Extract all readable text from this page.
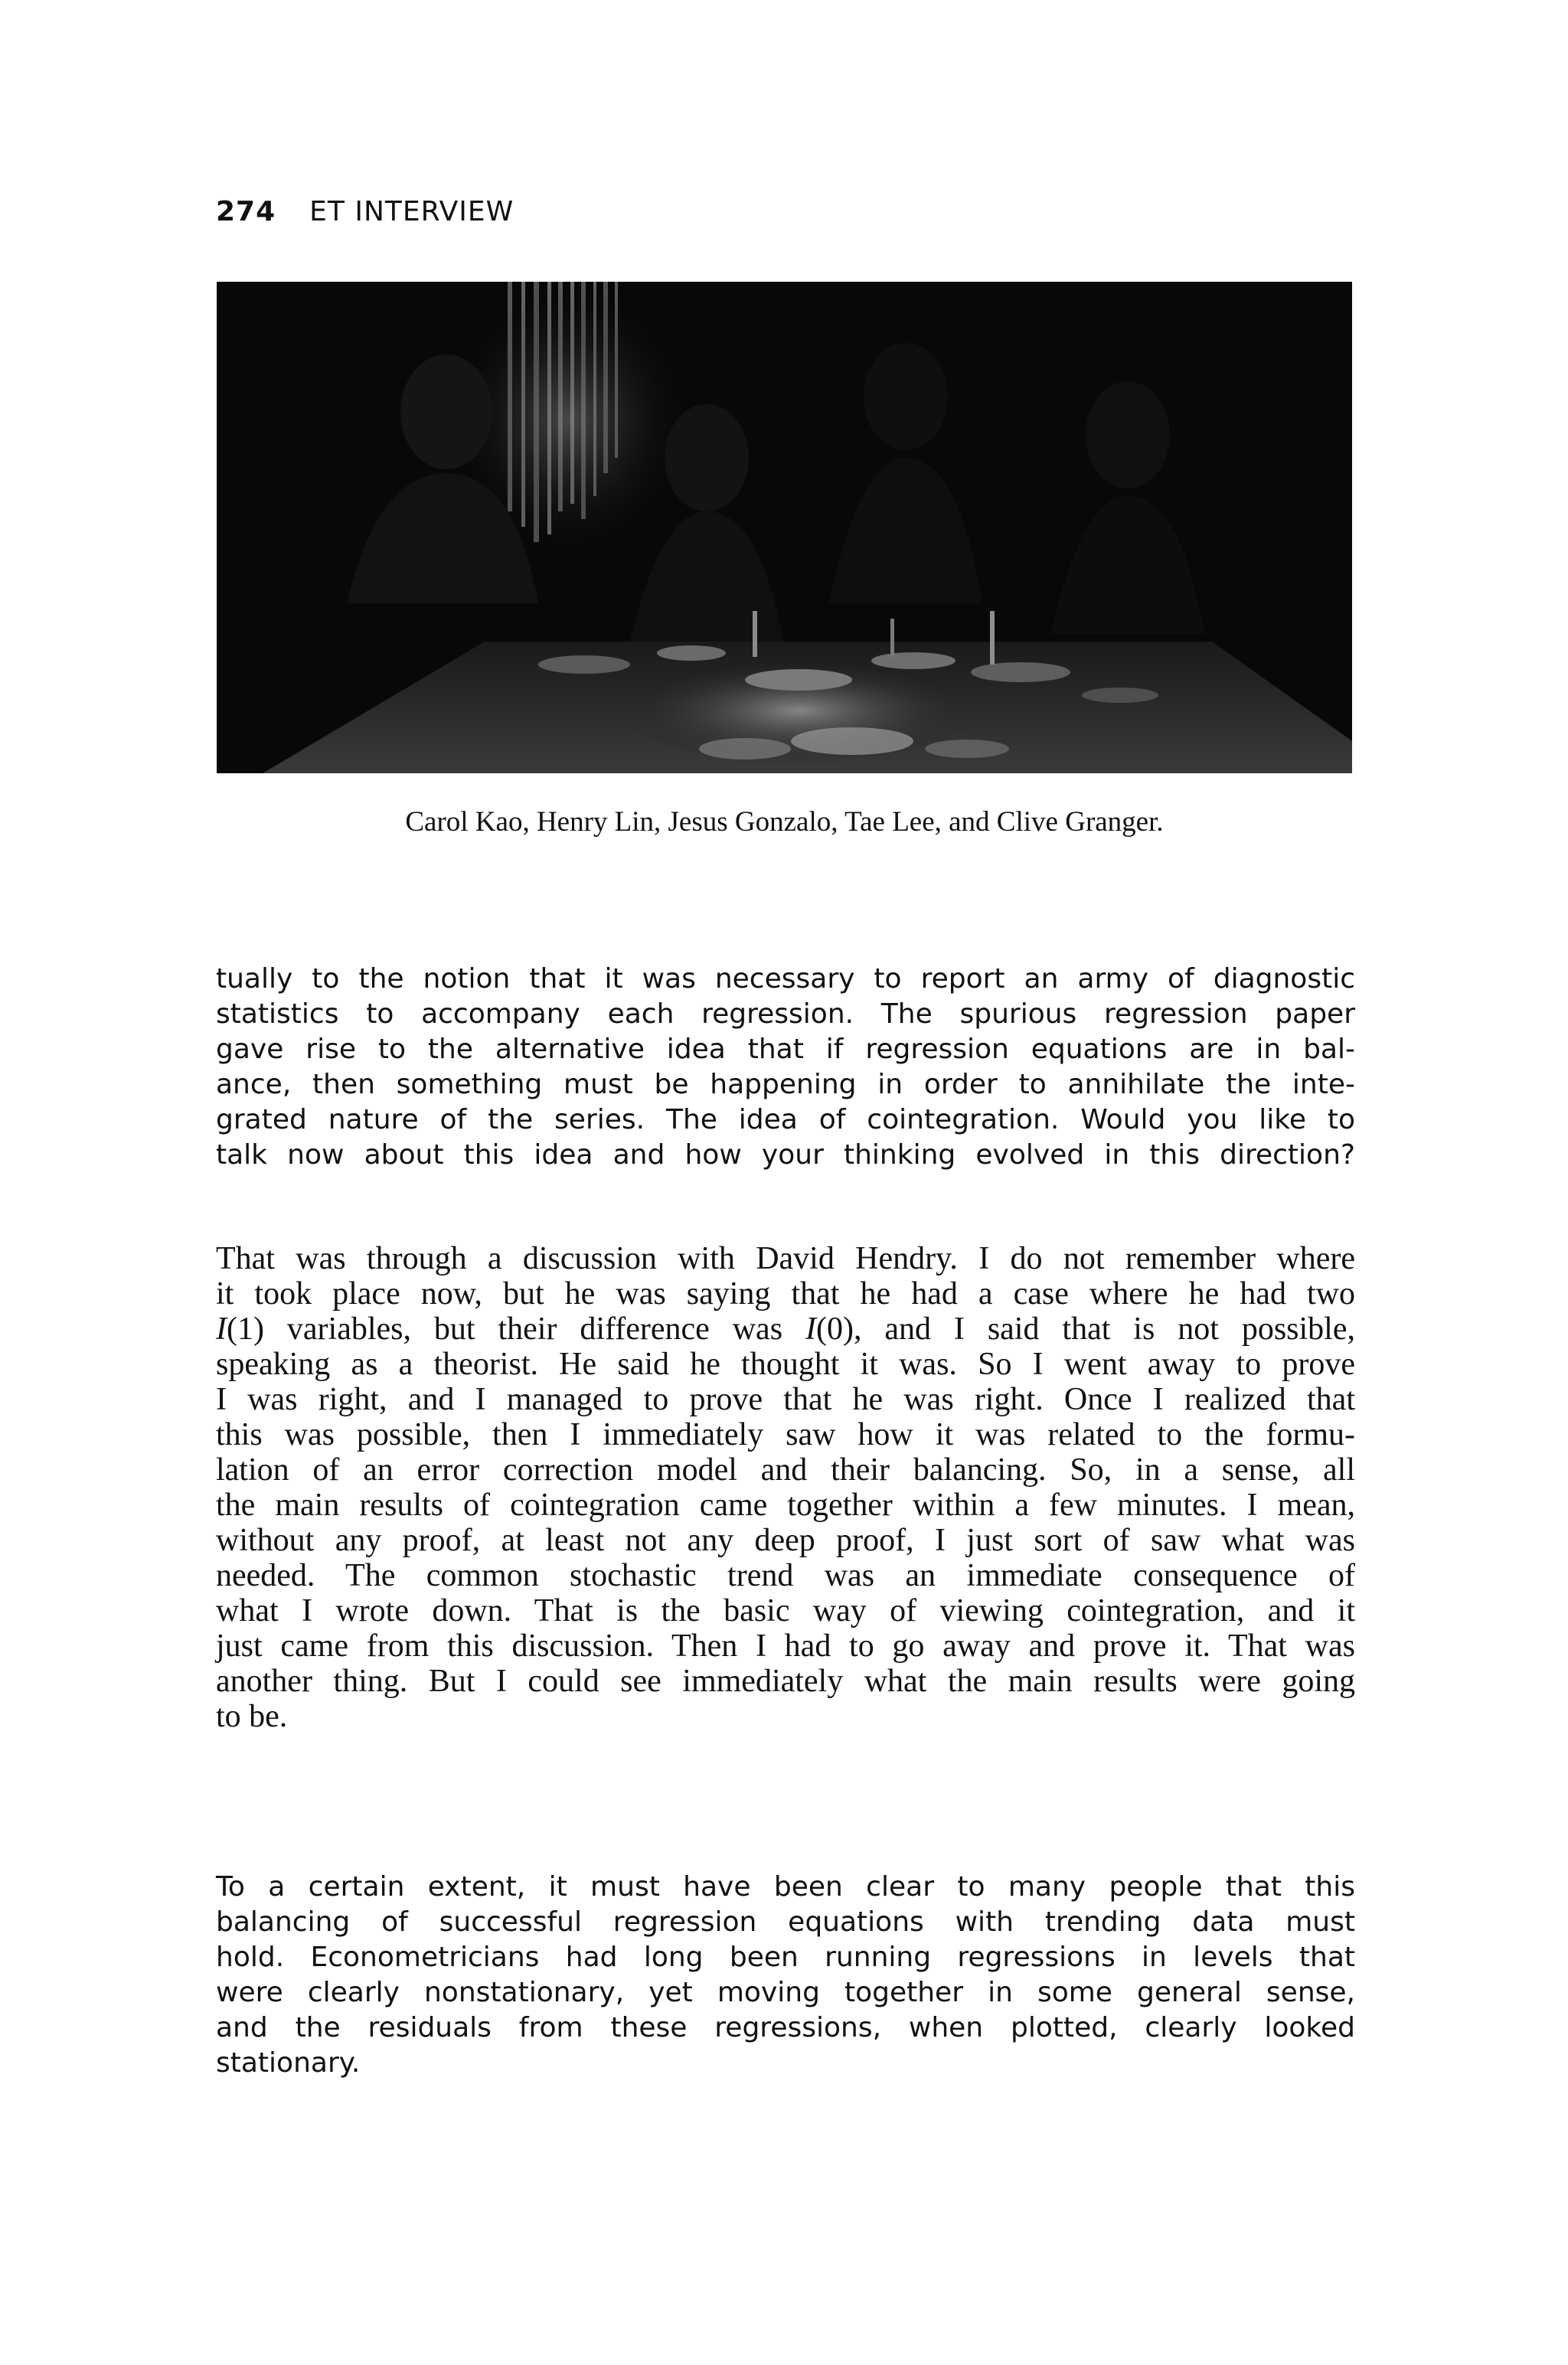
274 ET INTERVIEW
Carol Kao, Henry Lin, Jesus Gonzalo, Tae Lee, and Clive Granger.

tually to the notion that it was necessary to report an army of diagnostic
statistics to accompany each regression. The spurious regression paper
gave rise to the alternative idea that if regression equations are in bal-
ance, then something must be happening in order to annihilate the inte-
grated nature of the series. The idea of cointegration. Would you like to
talk now about this idea and how your thinking evolved in this direction?

That was through a discussion with David Hendry. I do not remember where
it took place now, but he was saying that he had a case where he had two
I(1) variables, but their difference was I(0), and I said that is not possible,
speaking as a theorist. He said he thought it was. So I went away to prove
I was right, and I managed to prove that he was right. Once I realized that
this was possible, then I immediately saw how it was related to the formu-
lation of an error correction model and their balancing. So, in a sense, all
the main results of cointegration came together within a few minutes. I mean,
without any proof, at least not any deep proof, I just sort of saw what was
needed. The common stochastic trend was an immediate consequence of
what I wrote down. That is the basic way of viewing cointegration, and it
just came from this discussion. Then I had to go away and prove it. That was
another thing. But I could see immediately what the main results were going
to be.

To a certain extent, it must have been clear to many people that this
balancing of successful regression equations with trending data must
hold. Econometricians had long been running regressions in levels that
were clearly nonstationary, yet moving together in some general sense,
and the residuals from these regressions, when plotted, clearly looked
stationary.
